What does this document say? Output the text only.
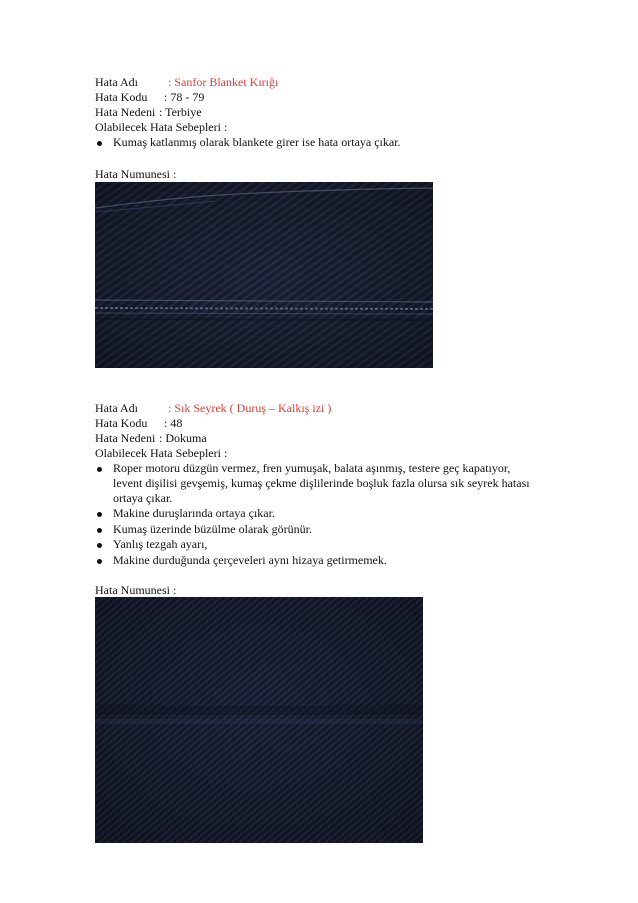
Hata Adı	: Sanfor Blanket Kırığı
Hata Kodu : 78 - 79
Hata Nedeni : Terbiye
Olabilecek Hata Sebepleri :
Kumaş katlanmış olarak blankete girer ise hata ortaya çıkar.
Hata Numunesi :
Hata Adı	: Sık Seyrek ( Duruş – Kalkış izi )
Hata Kodu : 48
Hata Nedeni : Dokuma
Olabilecek Hata Sebepleri :
Roper motoru düzgün vermez, fren yumuşak, balata aşınmış, testere geç kapatıyor,
levent dişilisi gevşemiş, kumaş çekme dişlilerinde boşluk fazla olursa sık seyrek hatası
ortaya çıkar.
Makine duruşlarında ortaya çıkar.
Kumaş üzerinde büzülme olarak görünür.
Yanlış tezgah ayarı,
Makine durduğunda çerçeveleri aynı hizaya getirmemek.
Hata Numunesi :
